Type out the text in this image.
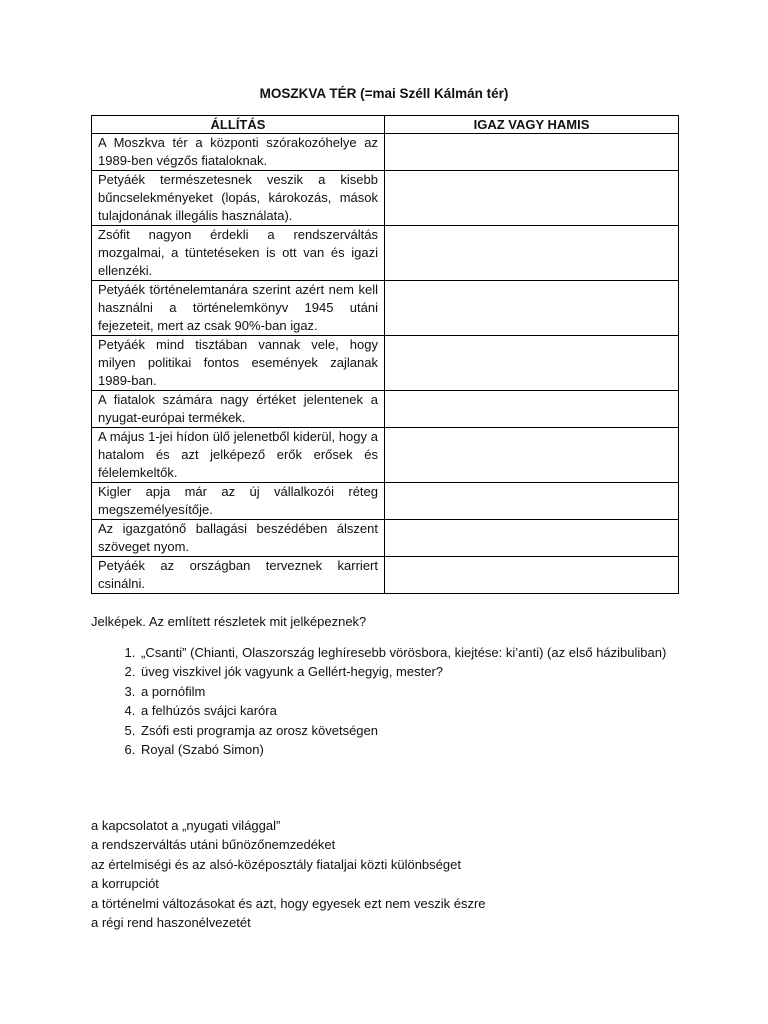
MOSZKVA TÉR (=mai Széll Kálmán tér)
ÁLLÍTÁS	IGAZ VAGY HAMIS
A Moszkva tér a központi szórakozóhelye az 1989-ben végzős fiataloknak.	
Petyáék természetesnek veszik a kisebb bűncselekményeket (lopás, károkozás, mások tulajdonának illegális használata).	
Zsófit nagyon érdekli a rendszerváltás mozgalmai, a tüntetéseken is ott van és igazi ellenzéki.	
Petyáék történelemtanára szerint azért nem kell használni a történelemkönyv 1945 utáni fejezeteit, mert az csak 90%-ban igaz.	
Petyáék mind tisztában vannak vele, hogy milyen politikai fontos események zajlanak 1989-ban.	
A fiatalok számára nagy értéket jelentenek a nyugat-európai termékek.	
A május 1-jei hídon ülő jelenetből kiderül, hogy a hatalom és azt jelképező erők erősek és félelemkeltők.	
Kigler apja már az új vállalkozói réteg megszemélyesítője.	
Az igazgatónő ballagási beszédében álszent szöveget nyom.	
Petyáék az országban terveznek karriert csinálni.	
Jelképek. Az említett részletek mit jelképeznek?
1. „Csanti” (Chianti, Olaszország leghíresebb vörösbora, kiejtése: ki’anti) (az első házibuliban)
2. üveg viszkivel jók vagyunk a Gellért-hegyig, mester?
3. a pornófilm
4. a felhúzós svájci karóra
5. Zsófi esti programja az orosz követségen
6. Royal (Szabó Simon)
a kapcsolatot a „nyugati világgal”
a rendszerváltás utáni bűnözőnemzedéket
az értelmiségi és az alsó-középosztály fiataljai közti különbséget
a korrupciót
a történelmi változásokat és azt, hogy egyesek ezt nem veszik észre
a régi rend haszonélvezetét
